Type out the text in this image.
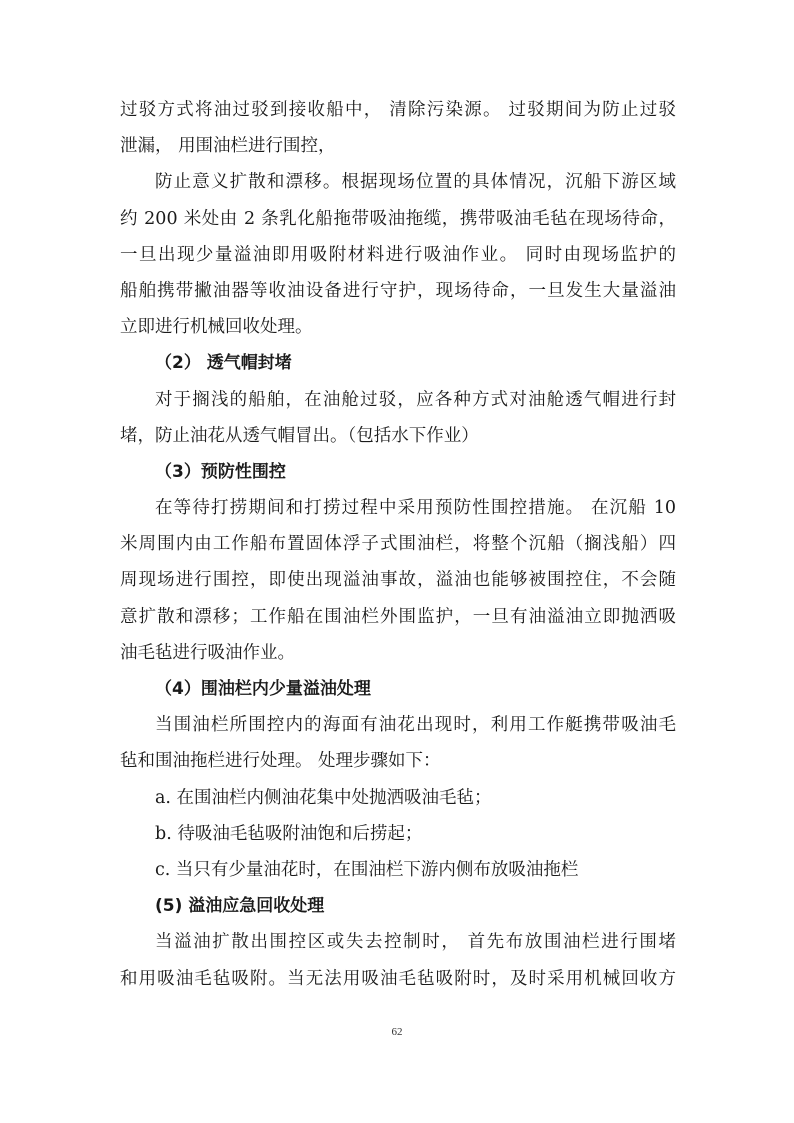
过驳方式将油过驳到接收船中， 清除污染源。 过驳期间为防止过驳
泄漏， 用围油栏进行围控，
防止意义扩散和漂移。根据现场位置的具体情况，沉船下游区域
约 200 米处由 2 条乳化船拖带吸油拖缆，携带吸油毛毡在现场待命，
一旦出现少量溢油即用吸附材料进行吸油作业。 同时由现场监护的
船舶携带撇油器等收油设备进行守护，现场待命，一旦发生大量溢油
立即进行机械回收处理。
（2） 透气帽封堵
对于搁浅的船舶，在油舱过驳，应各种方式对油舱透气帽进行封
堵，防止油花从透气帽冒出。（包括水下作业）
（3）预防性围控
在等待打捞期间和打捞过程中采用预防性围控措施。 在沉船 10
米周围内由工作船布置固体浮子式围油栏，将整个沉船（搁浅船）四
周现场进行围控，即使出现溢油事故，溢油也能够被围控住，不会随
意扩散和漂移；工作船在围油栏外围监护，一旦有油溢油立即抛洒吸
油毛毡进行吸油作业。
（4）围油栏内少量溢油处理
当围油栏所围控内的海面有油花出现时，利用工作艇携带吸油毛
毡和围油拖栏进行处理。 处理步骤如下：
a. 在围油栏内侧油花集中处抛洒吸油毛毡；
b. 待吸油毛毡吸附油饱和后捞起；
c. 当只有少量油花时，在围油栏下游内侧布放吸油拖栏
(5) 溢油应急回收处理
当溢油扩散出围控区或失去控制时， 首先布放围油栏进行围堵
和用吸油毛毡吸附。当无法用吸油毛毡吸附时，及时采用机械回收方
62
